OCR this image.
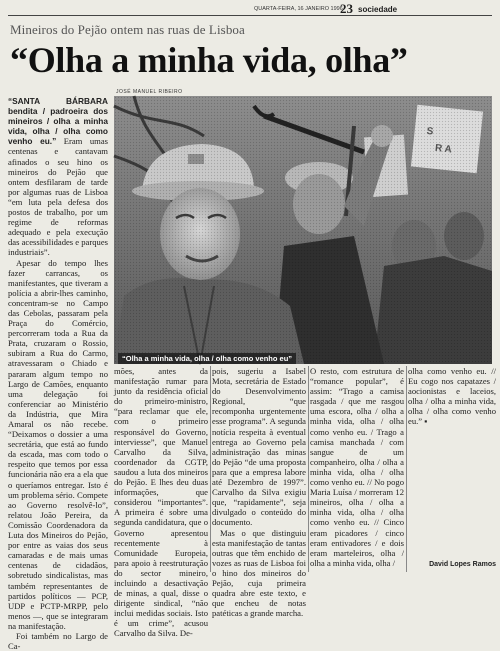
QUARTA-FEIRA, 16 JANEIRO 1996
23 sociedade
Mineiros do Pejão ontem nas ruas de Lisboa
“Olha a minha vida, olha”
JOSÉ MANUEL RIBEIRO
“Olha a minha vida, olha / olha como venho eu”

“SANTA BÁRBARA bendita / padroeira dos mineiros / olha a minha vida, olha / olha como venho eu.” Eram umas centenas e cantavam afinados o seu hino os mineiros do Pejão que ontem desfilaram de tarde por algumas ruas de Lisboa “em luta pela defesa dos postos de trabalho, por um regime de reformas adequado e pela execução das acessibilidades e parques industriais”.

Apesar do tempo lhes fazer carrancas, os manifestantes, que tiveram a polícia a abrir-lhes caminho, concentram-se no Campo das Cebolas, passaram pela Praça do Comércio, percorreram toda a Rua da Prata, cruzaram o Rossio, subiram a Rua do Carmo, atravessaram o Chiado e pararam algum tempo no Largo de Camões, enquanto uma delegação foi conferenciar ao Ministério da Indústria, que Mira Amaral os não recebe. “Deixamos o dossier a uma secretária, que está ao fundo da escada, mas com todo o respeito que temos por essa funcionária não era a ela que o queríamos entregar. Isto é um problema sério. Compete ao Governo resolvê-lo”, relatou João Pereira, da Comissão Coordenadora da Luta dos Mineiros do Pejão, por entre as vaias dos seus camaradas e de mais umas centenas de cidadãos, sobretudo sindicalistas, mas também representantes de partidos políticos — PCP, UDP e PCTP-MRPP, pelo menos —, que se integraram na manifestação.

Foi também no Largo de Ca-

mões, antes da manifestação rumar para junto da residência oficial do primeiro-ministro, “para reclamar que ele, com o primeiro responsável do Governo, interviesse”, que Manuel Carvalho da Silva, coordenador da CGTP, saudou a luta dos mineiros do Pejão. E lhes deu duas informações, que considerou “importantes”. A primeira é sobre uma segunda candidatura, que o Governo apresentou recentemente à Comunidade Europeia, para apoio à reestruturação do sector mineiro, incluindo a desactivação de minas, a qual, disse o dirigente sindical, “não inclui medidas sociais. Isto é um crime”, acusou Carvalho da Silva. De-

pois, sugeriu a Isabel Mota, secretária de Estado do Desenvolvimento Regional, “que recomponha urgentemente esse programa”. A segunda notícia respeita à eventual entrega ao Governo pela administração das minas do Pejão “de uma proposta para que a empresa labore até Dezembro de 1997”. Carvalho da Silva exigiu que, “rapidamente”, seja divulgado o conteúdo do documento.

Mas o que distinguiu esta manifestação de tantas outras que têm enchido de vozes as ruas de Lisboa foi o hino dos mineiros do Pejão, cuja primeira quadra abre este texto, e que encheu de notas patéticas a grande marcha.

O resto, com estrutura de “romance popular”, é assim: “Trago a camisa rasgada / que me rasgou uma escora, olha / olha a minha vida, olha / olha como venho eu. / Trago a camisa manchada / com sangue de um companheiro, olha / olha a minha vida, olha / olha como venho eu. // No pogo Maria Luísa / morreram 12 mineiros, olha / olha a minha vida, olha / olha como venho eu. // Cinco eram picadores / cinco eram entivadores / e dois eram marteleiros, olha / olha a minha vida, olha /

olha como venho eu. // Eu cogo nos capatazes / aocionistas e laceios, olha / olha a minha vida, olha / olha como venho eu.” ▪

David Lopes Ramos
